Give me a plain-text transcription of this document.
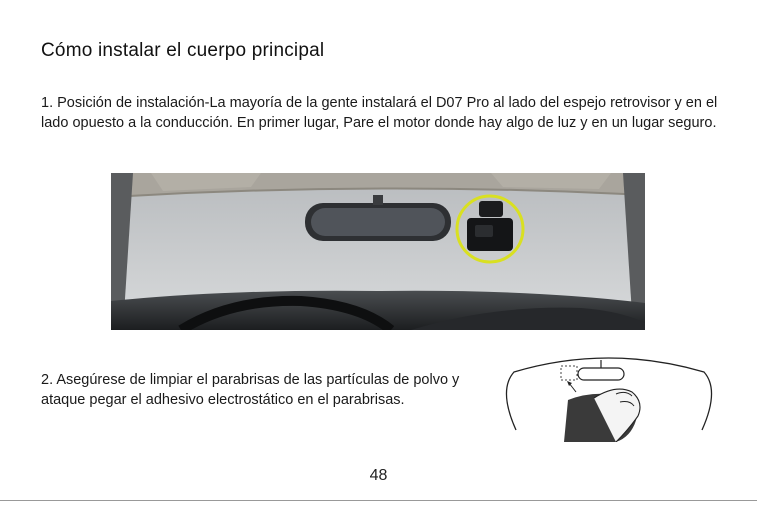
Cómo instalar el cuerpo principal
1. Posición de instalación-La mayoría de la gente instalará el D07 Pro al lado del espejo retrovisor y en el lado opuesto a la conducción. En primer lugar, Pare el motor donde hay algo de luz y en un lugar seguro.
2. Asegúrese de limpiar el parabrisas de las partículas de polvo y ataque pegar el adhesivo electrostático en el parabrisas.
48
